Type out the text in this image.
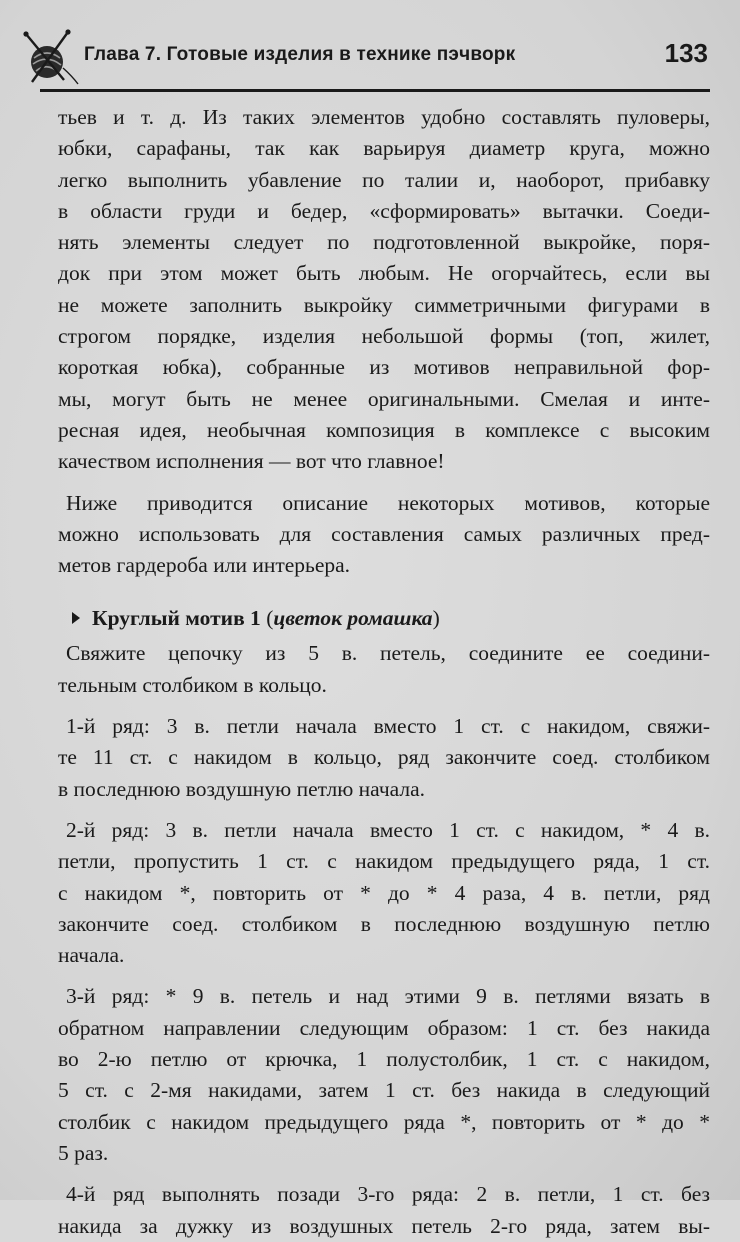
Глава 7. Готовые изделия в технике пэчворк	133
тьев и т. д. Из таких элементов удобно составлять пуловеры,
юбки, сарафаны, так как варьируя диаметр круга, можно
легко выполнить убавление по талии и, наоборот, прибавку
в области груди и бедер, «сформировать» вытачки. Соеди-
нять элементы следует по подготовленной выкройке, поря-
док при этом может быть любым. Не огорчайтесь, если вы
не можете заполнить выкройку симметричными фигурами в
строгом порядке, изделия небольшой формы (топ, жилет,
короткая юбка), собранные из мотивов неправильной фор-
мы, могут быть не менее оригинальными. Смелая и инте-
ресная идея, необычная композиция в комплексе с высоким
качеством исполнения — вот что главное!
Ниже приводится описание некоторых мотивов, которые
можно использовать для составления самых различных пред-
метов гардероба или интерьера.
Круглый мотив 1 (цветок ромашка)
Свяжите цепочку из 5 в. петель, соедините ее соедини-
тельным столбиком в кольцо.
1-й ряд: 3 в. петли начала вместо 1 ст. с накидом, свяжи-
те 11 ст. с накидом в кольцо, ряд закончите соед. столбиком
в последнюю воздушную петлю начала.
2-й ряд: 3 в. петли начала вместо 1 ст. с накидом, * 4 в.
петли, пропустить 1 ст. с накидом предыдущего ряда, 1 ст.
с накидом *, повторить от * до * 4 раза, 4 в. петли, ряд
закончите соед. столбиком в последнюю воздушную петлю
начала.
3-й ряд: * 9 в. петель и над этими 9 в. петлями вязать в
обратном направлении следующим образом: 1 ст. без накида
во 2-ю петлю от крючка, 1 полустолбик, 1 ст. с накидом,
5 ст. с 2-мя накидами, затем 1 ст. без накида в следующий
столбик с накидом предыдущего ряда *, повторить от * до *
5 раз.
4-й ряд выполнять позади 3-го ряда: 2 в. петли, 1 ст. без
накида за дужку из воздушных петель 2-го ряда, затем вы-
